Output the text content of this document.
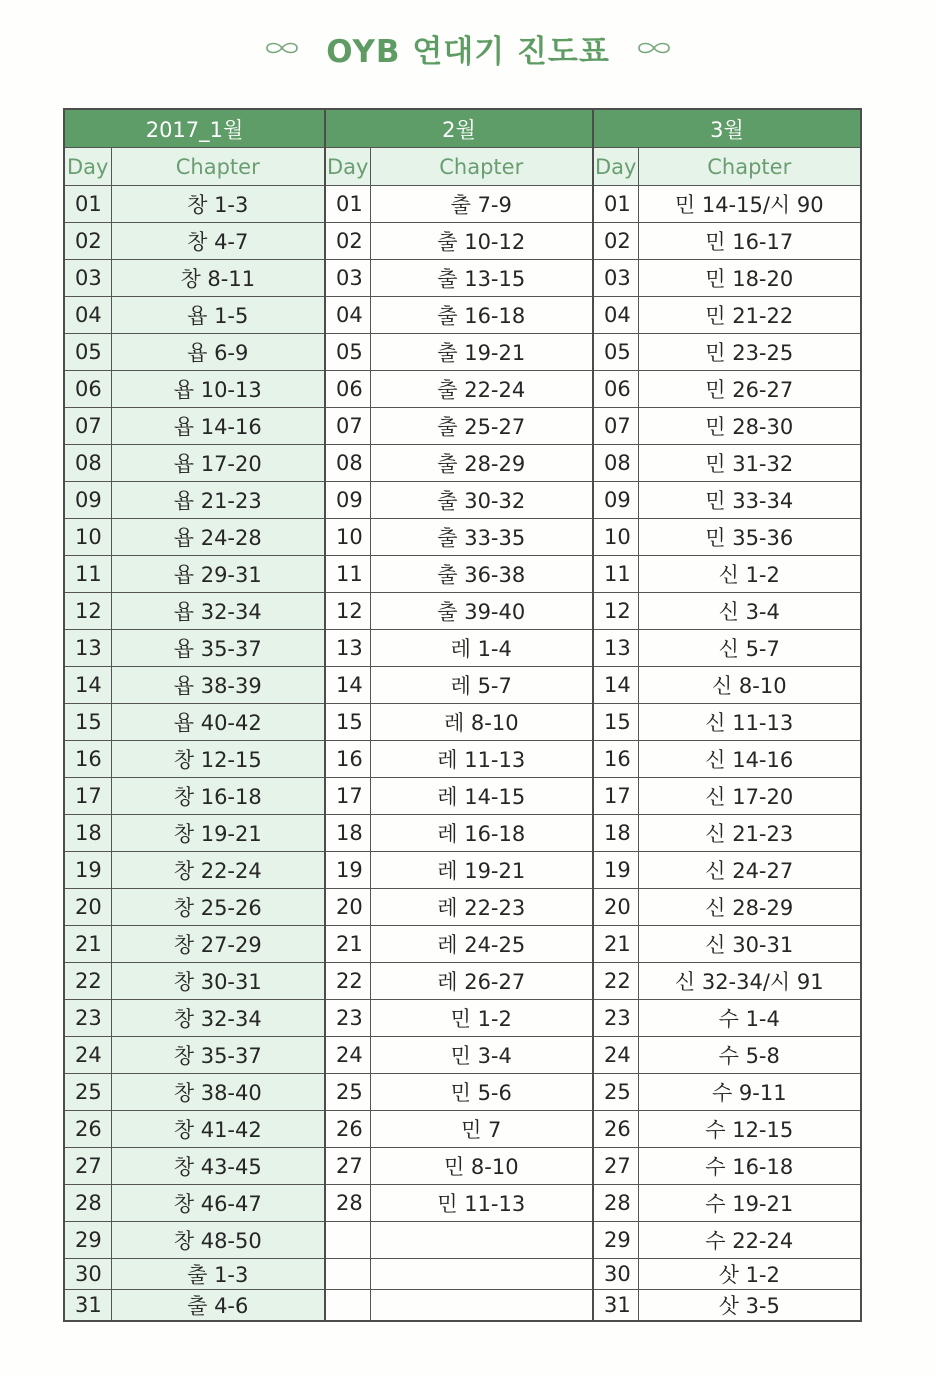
OYB 연대기 진도표
2017_1월		2월		3월	
Day	Chapter	Day	Chapter	Day	Chapter
01	창 1-3	01	출 7-9	01	민 14-15/시 90
02	창 4-7	02	출 10-12	02	민 16-17
03	창 8-11	03	출 13-15	03	민 18-20
04	욥 1-5	04	출 16-18	04	민 21-22
05	욥 6-9	05	출 19-21	05	민 23-25
06	욥 10-13	06	출 22-24	06	민 26-27
07	욥 14-16	07	출 25-27	07	민 28-30
08	욥 17-20	08	출 28-29	08	민 31-32
09	욥 21-23	09	출 30-32	09	민 33-34
10	욥 24-28	10	출 33-35	10	민 35-36
11	욥 29-31	11	출 36-38	11	신 1-2
12	욥 32-34	12	출 39-40	12	신 3-4
13	욥 35-37	13	레 1-4	13	신 5-7
14	욥 38-39	14	레 5-7	14	신 8-10
15	욥 40-42	15	레 8-10	15	신 11-13
16	창 12-15	16	레 11-13	16	신 14-16
17	창 16-18	17	레 14-15	17	신 17-20
18	창 19-21	18	레 16-18	18	신 21-23
19	창 22-24	19	레 19-21	19	신 24-27
20	창 25-26	20	레 22-23	20	신 28-29
21	창 27-29	21	레 24-25	21	신 30-31
22	창 30-31	22	레 26-27	22	신 32-34/시 91
23	창 32-34	23	민 1-2	23	수 1-4
24	창 35-37	24	민 3-4	24	수 5-8
25	창 38-40	25	민 5-6	25	수 9-11
26	창 41-42	26	민 7	26	수 12-15
27	창 43-45	27	민 8-10	27	수 16-18
28	창 46-47	28	민 11-13	28	수 19-21
29	창 48-50			29	수 22-24
30	출 1-3			30	삿 1-2
31	출 4-6			31	삿 3-5
